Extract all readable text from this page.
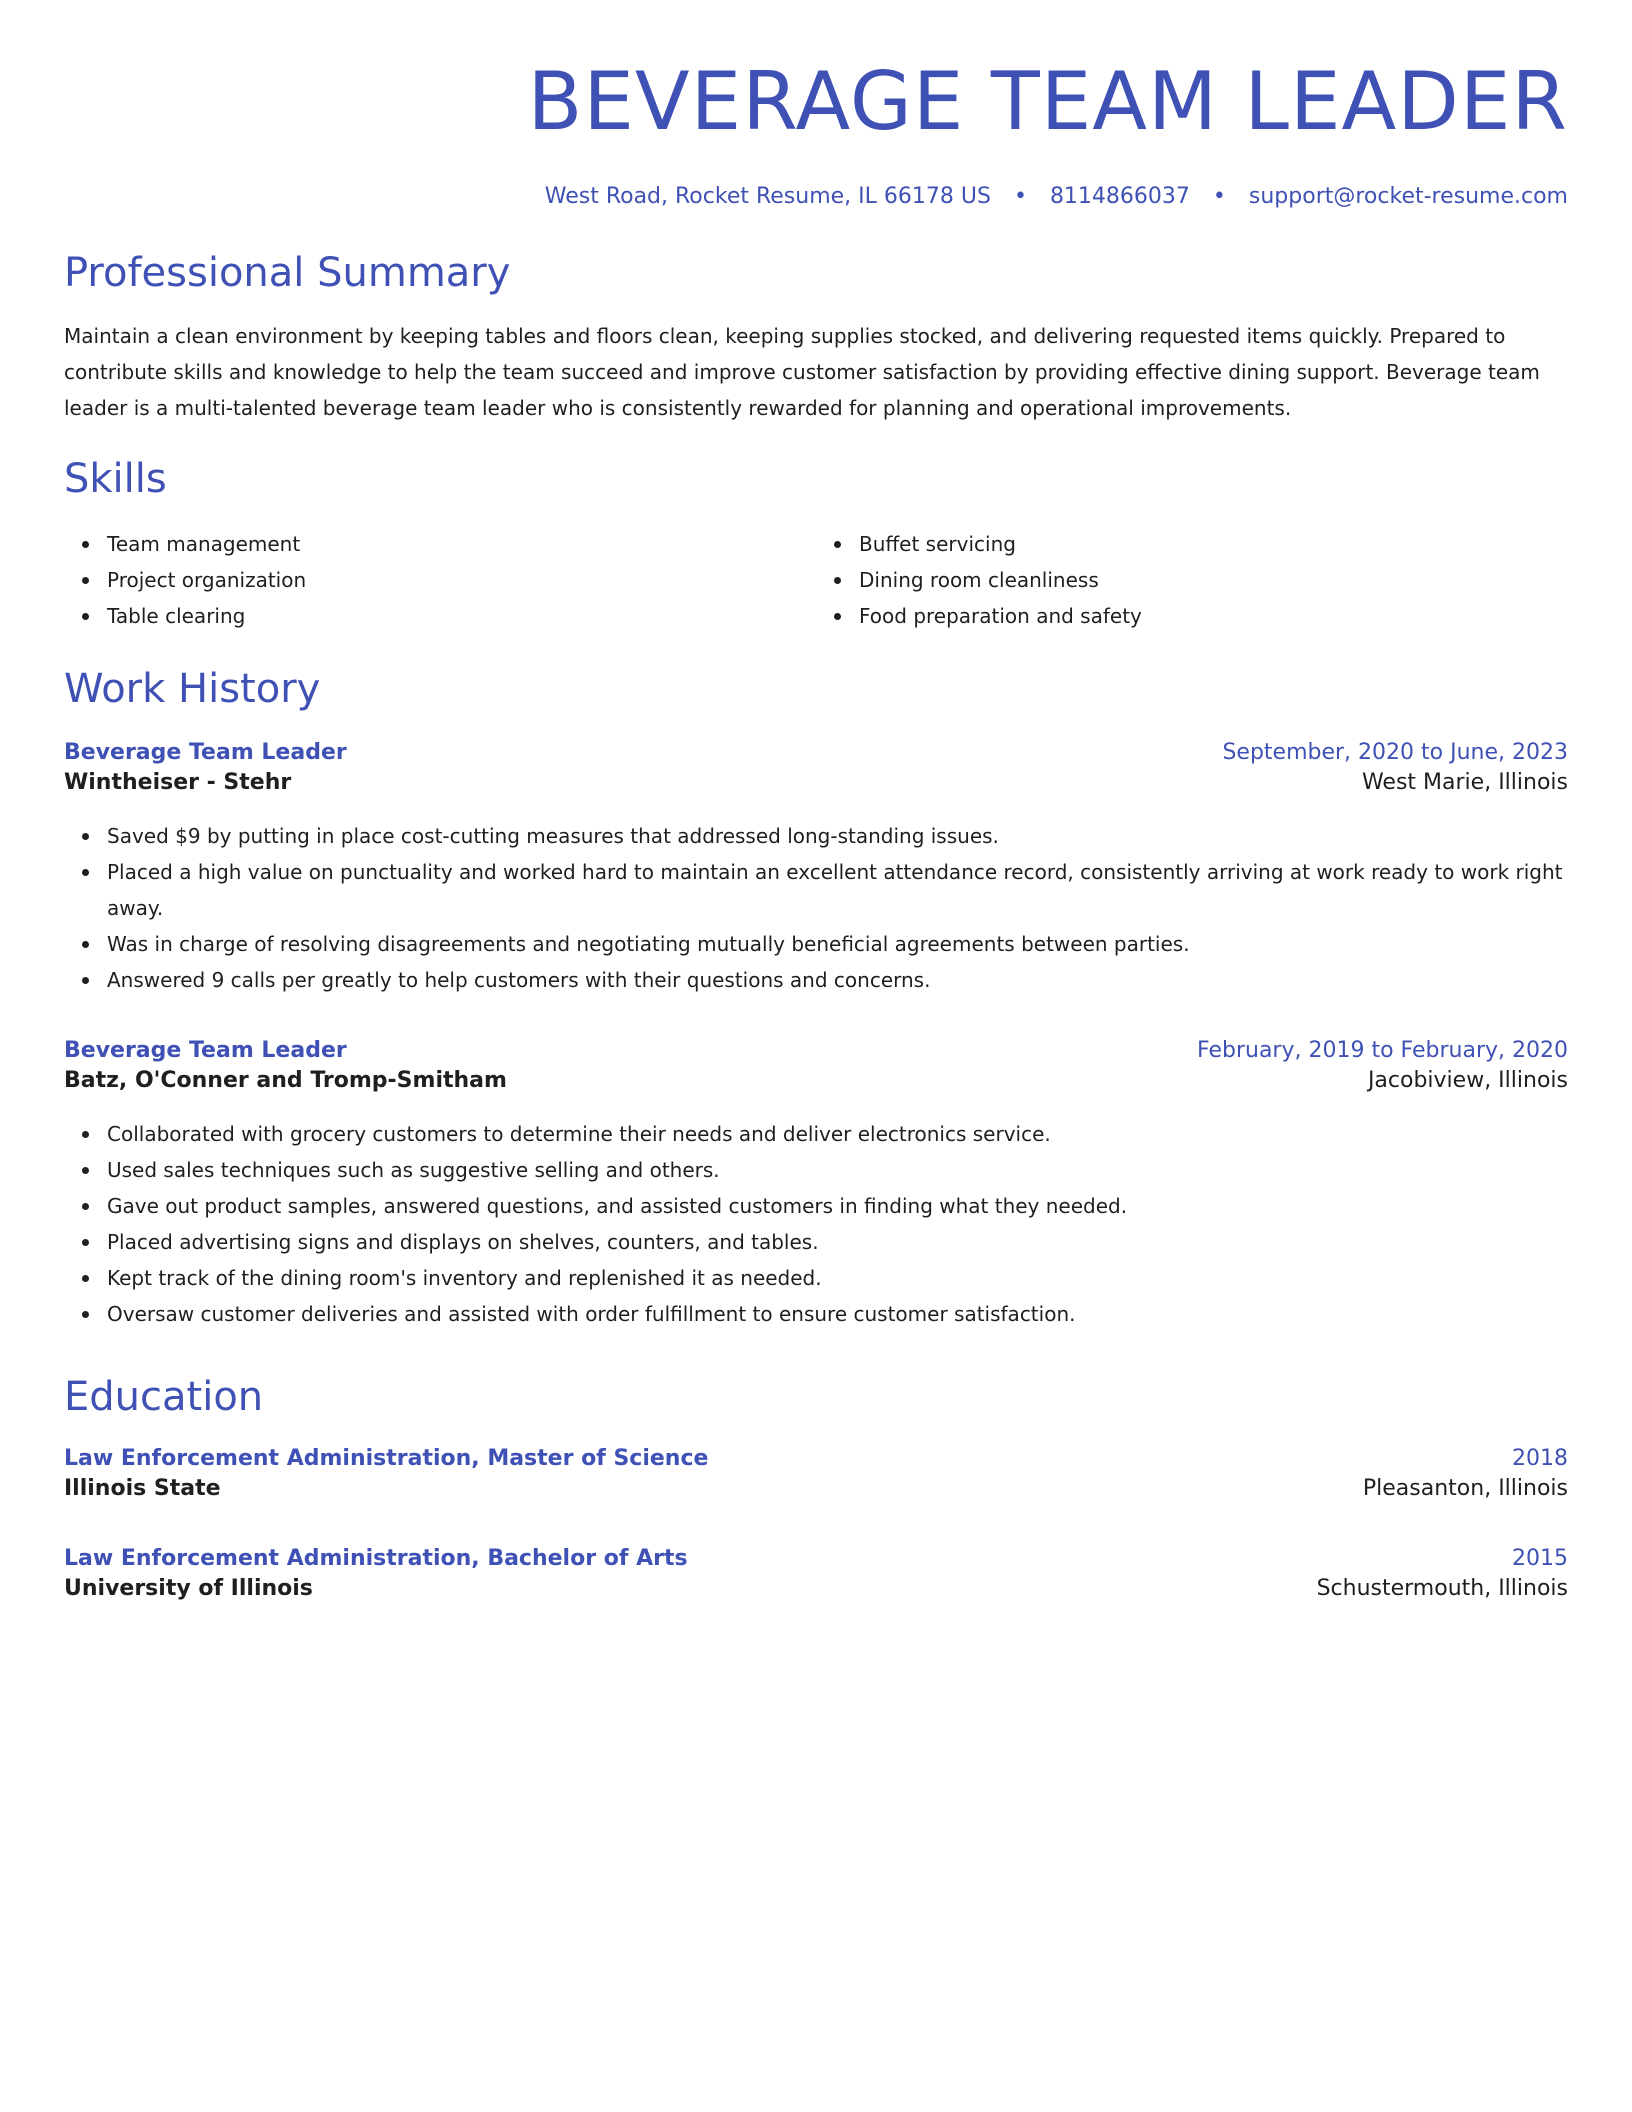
BEVERAGE TEAM LEADER
West Road, Rocket Resume, IL 66178 US • 8114866037 • support@rocket-resume.com
Professional Summary
Maintain a clean environment by keeping tables and floors clean, keeping supplies stocked, and delivering requested items quickly. Prepared to contribute skills and knowledge to help the team succeed and improve customer satisfaction by providing effective dining support. Beverage team leader is a multi-talented beverage team leader who is consistently rewarded for planning and operational improvements.
Skills
Team management
Project organization
Table clearing
Buffet servicing
Dining room cleanliness
Food preparation and safety
Work History
Beverage Team Leader	September, 2020 to June, 2023
Wintheiser - Stehr	West Marie, Illinois
Saved $9 by putting in place cost-cutting measures that addressed long-standing issues.
Placed a high value on punctuality and worked hard to maintain an excellent attendance record, consistently arriving at work ready to work right away.
Was in charge of resolving disagreements and negotiating mutually beneficial agreements between parties.
Answered 9 calls per greatly to help customers with their questions and concerns.
Beverage Team Leader	February, 2019 to February, 2020
Batz, O'Conner and Tromp-Smitham	Jacobiview, Illinois
Collaborated with grocery customers to determine their needs and deliver electronics service.
Used sales techniques such as suggestive selling and others.
Gave out product samples, answered questions, and assisted customers in finding what they needed.
Placed advertising signs and displays on shelves, counters, and tables.
Kept track of the dining room's inventory and replenished it as needed.
Oversaw customer deliveries and assisted with order fulfillment to ensure customer satisfaction.
Education
Law Enforcement Administration, Master of Science	2018
Illinois State	Pleasanton, Illinois
Law Enforcement Administration, Bachelor of Arts	2015
University of Illinois	Schustermouth, Illinois
